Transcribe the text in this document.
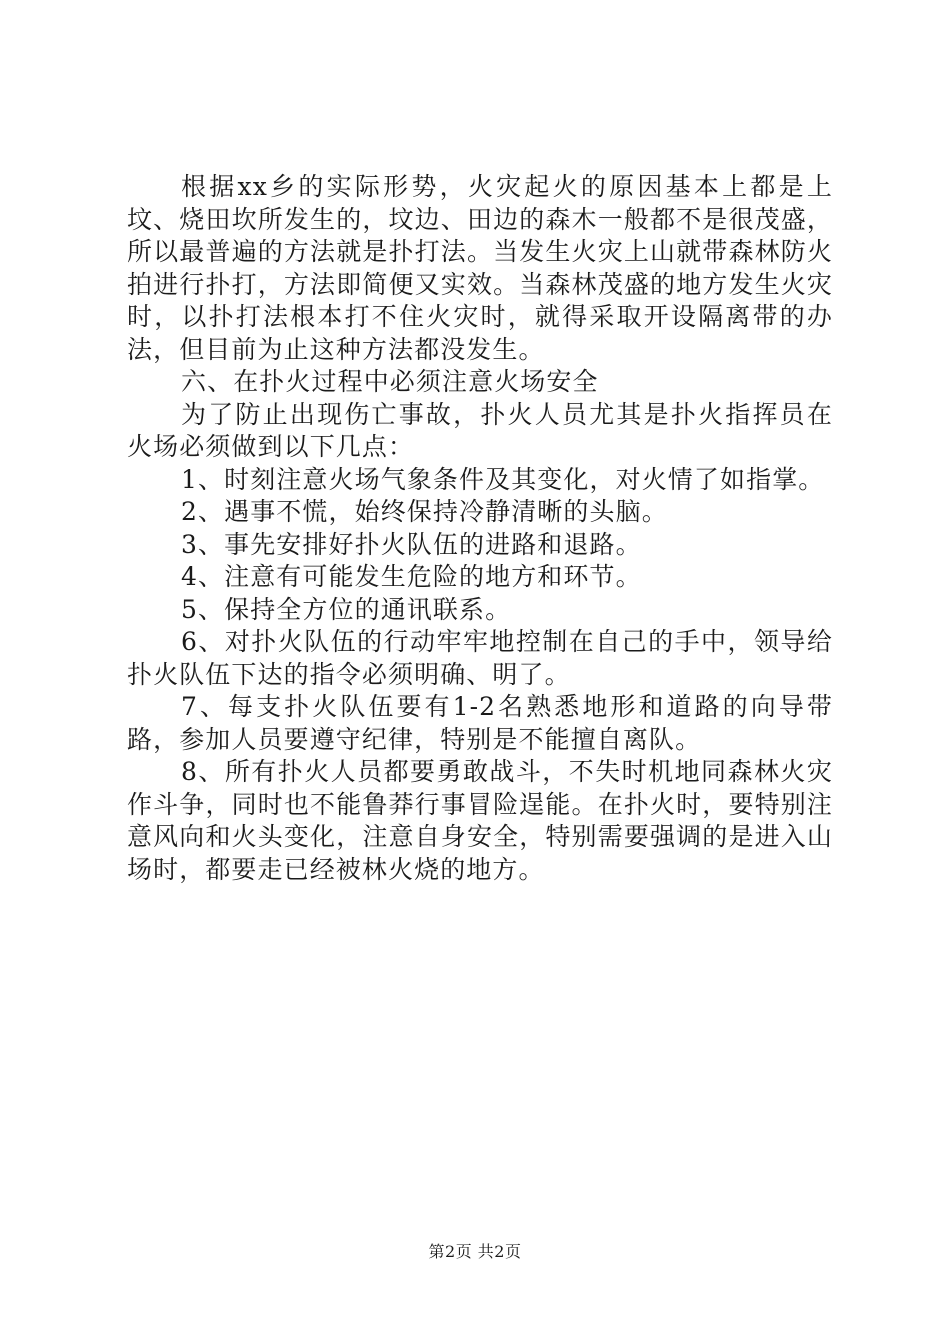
根据xx乡的实际形势，火灾起火的原因基本上都是上坟、烧田坎所发生的，坟边、田边的森木一般都不是很茂盛，所以最普遍的方法就是扑打法。当发生火灾上山就带森林防火拍进行扑打，方法即简便又实效。当森林茂盛的地方发生火灾时，以扑打法根本打不住火灾时，就得采取开设隔离带的办法，但目前为止这种方法都没发生。

六、在扑火过程中必须注意火场安全

为了防止出现伤亡事故，扑火人员尤其是扑火指挥员在火场必须做到以下几点：

1、时刻注意火场气象条件及其变化，对火情了如指掌。

2、遇事不慌，始终保持冷静清晰的头脑。

3、事先安排好扑火队伍的进路和退路。

4、注意有可能发生危险的地方和环节。

5、保持全方位的通讯联系。

6、对扑火队伍的行动牢牢地控制在自己的手中，领导给扑火队伍下达的指令必须明确、明了。

7、每支扑火队伍要有1-2名熟悉地形和道路的向导带路，参加人员要遵守纪律，特别是不能擅自离队。

8、所有扑火人员都要勇敢战斗，不失时机地同森林火灾作斗争，同时也不能鲁莽行事冒险逞能。在扑火时，要特别注意风向和火头变化，注意自身安全，特别需要强调的是进入山场时，都要走已经被林火烧的地方。

第2页 共2页
